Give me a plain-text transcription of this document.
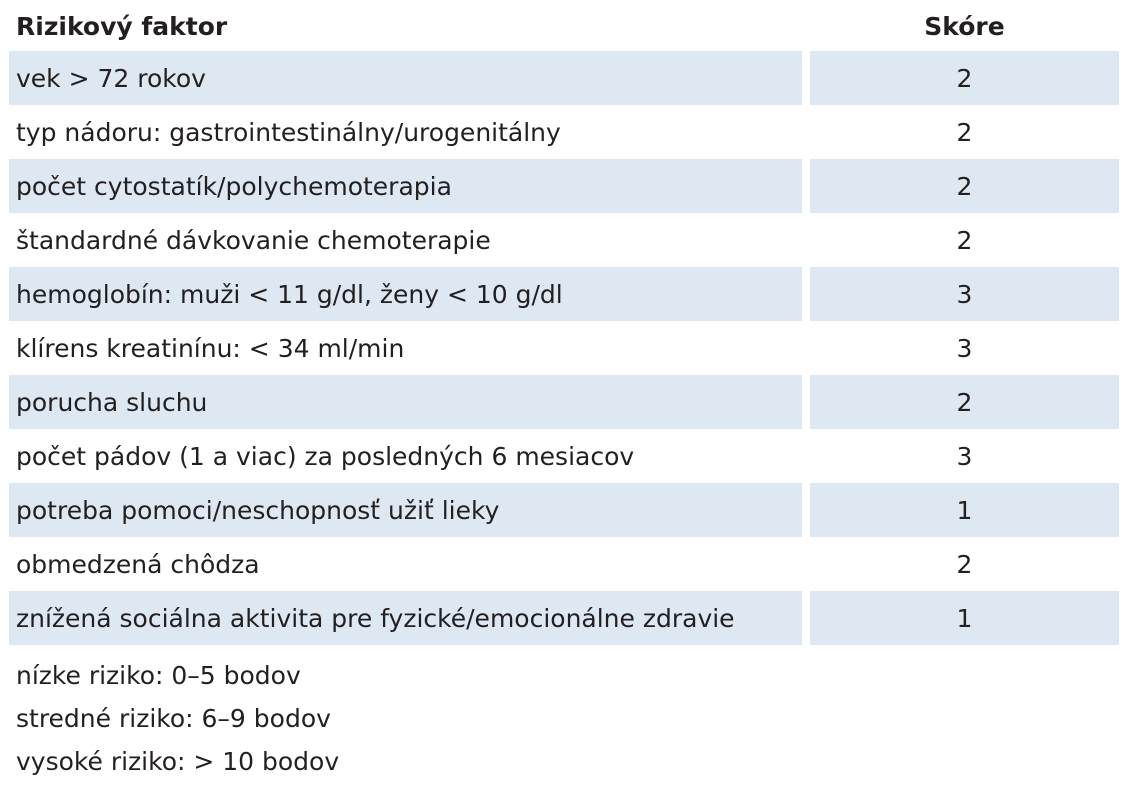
Rizikový faktor	Skóre
vek > 72 rokov	2
typ nádoru: gastrointestinálny/urogenitálny	2
počet cytostatík/polychemoterapia	2
štandardné dávkovanie chemoterapie	2
hemoglobín: muži < 11 g/dl, ženy < 10 g/dl	3
klírens kreatinínu: < 34 ml/min	3
porucha sluchu	2
počet pádov (1 a viac) za posledných 6 mesiacov	3
potreba pomoci/neschopnosť užiť lieky	1
obmedzená chôdza	2
znížená sociálna aktivita pre fyzické/emocionálne zdravie	1
nízke riziko: 0–5 bodov
stredné riziko: 6–9 bodov
vysoké riziko: > 10 bodov
